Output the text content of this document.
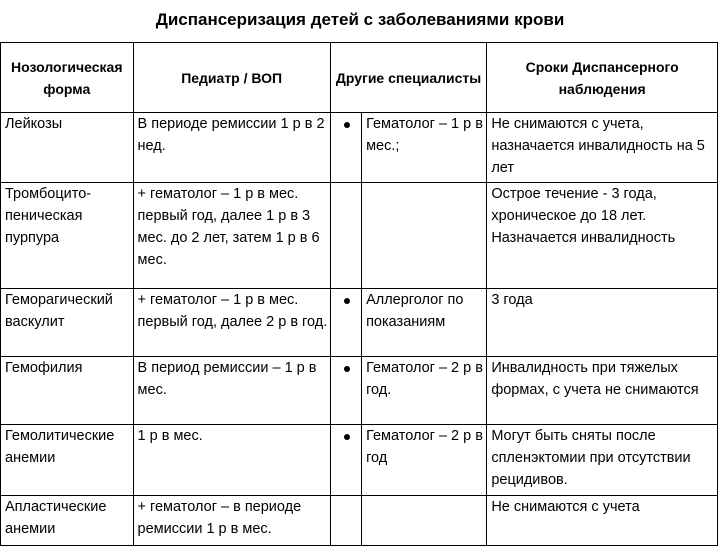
Диспансеризация детей с заболеваниями крови
Нозологическая форма	Педиатр / ВОП	Другие специалисты		Сроки Диспансерного наблюдения
Лейкозы	В периоде ремиссии 1 р в 2 нед.		Гематолог – 1 р в мес.;	Не снимаются с учета, назначается инвалидность на 5 лет
Тромбоцито-пеническая пурпура	+ гематолог – 1 р в мес. первый год, далее 1 р в 3 мес. до 2 лет, затем 1 р в 6 мес.			Острое течение - 3 года, хроническое до 18 лет. Назначается инвалидность
Геморагический васкулит	+ гематолог – 1 р в мес. первый год, далее 2 р в год.		Аллерголог по показаниям	3 года
Гемофилия	В период ремиссии – 1 р в мес.		Гематолог – 2 р в год.	Инвалидность при тяжелых формах, с учета не снимаются
Гемолитические анемии	1 р в мес.		Гематолог – 2 р в год	Могут быть сняты после спленэктомии при отсутствии рецидивов.
Апластические анемии	+ гематолог – в периоде ремиссии 1 р в мес.			Не снимаются с учета
